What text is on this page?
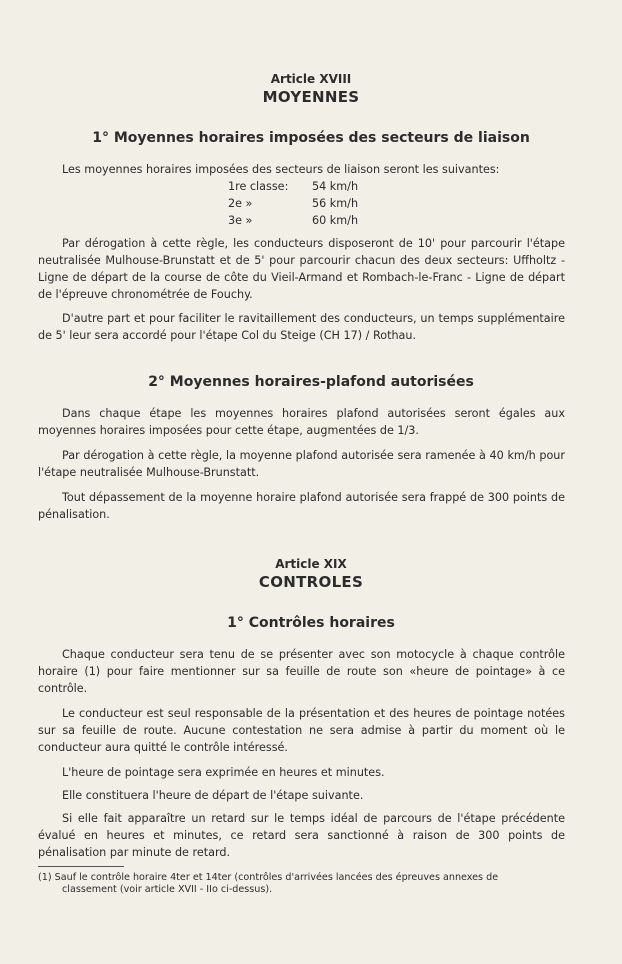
Article XVIII
MOYENNES
1° Moyennes horaires imposées des secteurs de liaison
Les moyennes horaires imposées des secteurs de liaison seront les suivantes:
1re classe:	54 km/h
2e »	56 km/h
3e »	60 km/h
Par dérogation à cette règle, les conducteurs disposeront de 10' pour parcourir l'étape neutralisée Mulhouse-Brunstatt et de 5' pour parcourir chacun des deux secteurs: Uffholtz - Ligne de départ de la course de côte du Vieil-Armand et Rombach-le-Franc - Ligne de départ de l'épreuve chronométrée de Fouchy.
D'autre part et pour faciliter le ravitaillement des conducteurs, un temps supplémentaire de 5' leur sera accordé pour l'étape Col du Steige (CH 17) / Rothau.
2° Moyennes horaires-plafond autorisées
Dans chaque étape les moyennes horaires plafond autorisées seront égales aux moyennes horaires imposées pour cette étape, augmentées de 1/3.
Par dérogation à cette règle, la moyenne plafond autorisée sera ramenée à 40 km/h pour l'étape neutralisée Mulhouse-Brunstatt.
Tout dépassement de la moyenne horaire plafond autorisée sera frappé de 300 points de pénalisation.
Article XIX
CONTROLES
1° Contrôles horaires
Chaque conducteur sera tenu de se présenter avec son motocycle à chaque contrôle horaire (1) pour faire mentionner sur sa feuille de route son «heure de pointage» à ce contrôle.
Le conducteur est seul responsable de la présentation et des heures de pointage notées sur sa feuille de route. Aucune contestation ne sera admise à partir du moment où le conducteur aura quitté le contrôle intéressé.
L'heure de pointage sera exprimée en heures et minutes.
Elle constituera l'heure de départ de l'étape suivante.
Si elle fait apparaître un retard sur le temps idéal de parcours de l'étape précédente évalué en heures et minutes, ce retard sera sanctionné à raison de 300 points de pénalisation par minute de retard.
(1) Sauf le contrôle horaire 4ter et 14ter (contrôles d'arrivées lancées des épreuves annexes de
classement (voir article XVII - IIo ci-dessus).
